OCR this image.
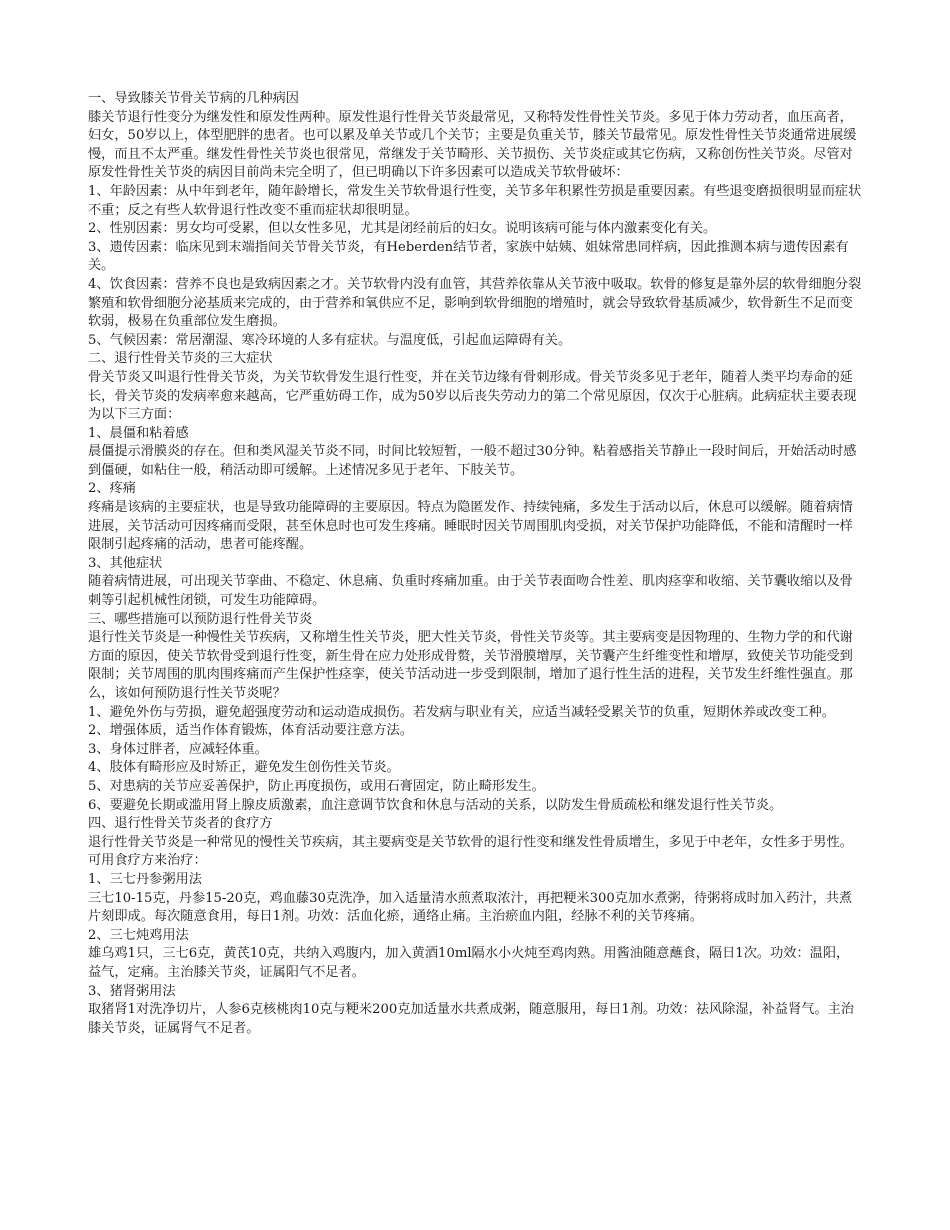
一、导致膝关节骨关节病的几种病因
膝关节退行性变分为继发性和原发性两种。原发性退行性骨关节炎最常见，又称特发性骨性关节炎。多见于体力劳动者，血压高者，妇女，50岁以上，体型肥胖的患者。也可以累及单关节或几个关节；主要是负重关节，膝关节最常见。原发性骨性关节炎通常进展缓慢，而且不太严重。继发性骨性关节炎也很常见，常继发于关节畸形、关节损伤、关节炎症或其它伤病，又称创伤性关节炎。尽管对原发性骨性关节炎的病因目前尚未完全明了，但已明确以下许多因素可以造成关节软骨破坏：
1、年龄因素：从中年到老年，随年龄增长，常发生关节软骨退行性变，关节多年积累性劳损是重要因素。有些退变磨损很明显而症状不重；反之有些人软骨退行性改变不重而症状却很明显。
2、性别因素：男女均可受累，但以女性多见，尤其是闭经前后的妇女。说明该病可能与体内激素变化有关。
3、遗传因素：临床见到末端指间关节骨关节炎，有Heberden结节者，家族中姑姨、姐妹常患同样病，因此推测本病与遗传因素有关。
4、饮食因素：营养不良也是致病因素之才。关节软骨内没有血管，其营养依靠从关节液中吸取。软骨的修复是靠外层的软骨细胞分裂繁殖和软骨细胞分泌基质来完成的，由于营养和氧供应不足，影响到软骨细胞的增殖时，就会导致软骨基质减少，软骨新生不足而变软弱，极易在负重部位发生磨损。
5、气候因素：常居潮湿、寒冷环境的人多有症状。与温度低，引起血运障碍有关。
二、退行性骨关节炎的三大症状
骨关节炎又叫退行性骨关节炎，为关节软骨发生退行性变，并在关节边缘有骨刺形成。骨关节炎多见于老年，随着人类平均寿命的延长，骨关节炎的发病率愈来越高，它严重妨碍工作，成为50岁以后丧失劳动力的第二个常见原因，仅次于心脏病。此病症状主要表现为以下三方面：
1、晨僵和粘着感
晨僵提示滑膜炎的存在。但和类风湿关节炎不同，时间比较短暂，一般不超过30分钟。粘着感指关节静止一段时间后，开始活动时感到僵硬，如粘住一般，稍活动即可缓解。上述情况多见于老年、下肢关节。
2、疼痛
疼痛是该病的主要症状，也是导致功能障碍的主要原因。特点为隐匿发作、持续钝痛，多发生于活动以后，休息可以缓解。随着病情进展，关节活动可因疼痛而受限，甚至休息时也可发生疼痛。睡眠时因关节周围肌肉受损，对关节保护功能降低，不能和清醒时一样限制引起疼痛的活动，患者可能疼醒。
3、其他症状
随着病情进展，可出现关节挛曲、不稳定、休息痛、负重时疼痛加重。由于关节表面吻合性差、肌肉痉挛和收缩、关节囊收缩以及骨刺等引起机械性闭锁，可发生功能障碍。
三、哪些措施可以预防退行性骨关节炎
退行性关节炎是一种慢性关节疾病，又称增生性关节炎，肥大性关节炎，骨性关节炎等。其主要病变是因物理的、生物力学的和代谢方面的原因，使关节软骨受到退行性变，新生骨在应力处形成骨赘，关节滑膜增厚，关节囊产生纤维变性和增厚，致使关节功能受到限制；关节周围的肌肉围疼痛而产生保护性痉挛，使关节活动进一步受到限制，增加了退行性生活的进程，关节发生纤维性强直。那么，该如何预防退行性关节炎呢？
1、避免外伤与劳损，避免超强度劳动和运动造成损伤。若发病与职业有关，应适当减轻受累关节的负重，短期休养或改变工种。
2、增强体质，适当作体育锻炼，体育活动要注意方法。
3、身体过胖者，应减轻体重。
4、肢体有畸形应及时矫正，避免发生创伤性关节炎。
5、对患病的关节应妥善保护，防止再度损伤，或用石膏固定，防止畸形发生。
6、要避免长期或滥用肾上腺皮质激素，血注意调节饮食和休息与活动的关系，以防发生骨质疏松和继发退行性关节炎。
四、退行性骨关节炎者的食疗方
退行性骨关节炎是一种常见的慢性关节疾病，其主要病变是关节软骨的退行性变和继发性骨质增生，多见于中老年，女性多于男性。可用食疗方来治疗：
1、三七丹参粥用法
三七10-15克，丹参15-20克，鸡血藤30克洗净，加入适量清水煎煮取浓汁，再把粳米300克加水煮粥，待粥将成时加入药汁，共煮片刻即成。每次随意食用，每日1剂。功效：活血化瘀，通络止痛。主治瘀血内阻，经脉不利的关节疼痛。
2、三七炖鸡用法
雄乌鸡1只，三七6克，黄芪10克，共纳入鸡腹内，加入黄酒10ml隔水小火炖至鸡肉熟。用酱油随意蘸食，隔日1次。功效：温阳，益气，定痛。主治膝关节炎，证属阳气不足者。
3、猪肾粥用法
取猪肾1对洗净切片，人参6克核桃肉10克与粳米200克加适量水共煮成粥，随意服用，每日1剂。功效：祛风除湿，补益肾气。主治膝关节炎，证属肾气不足者。
